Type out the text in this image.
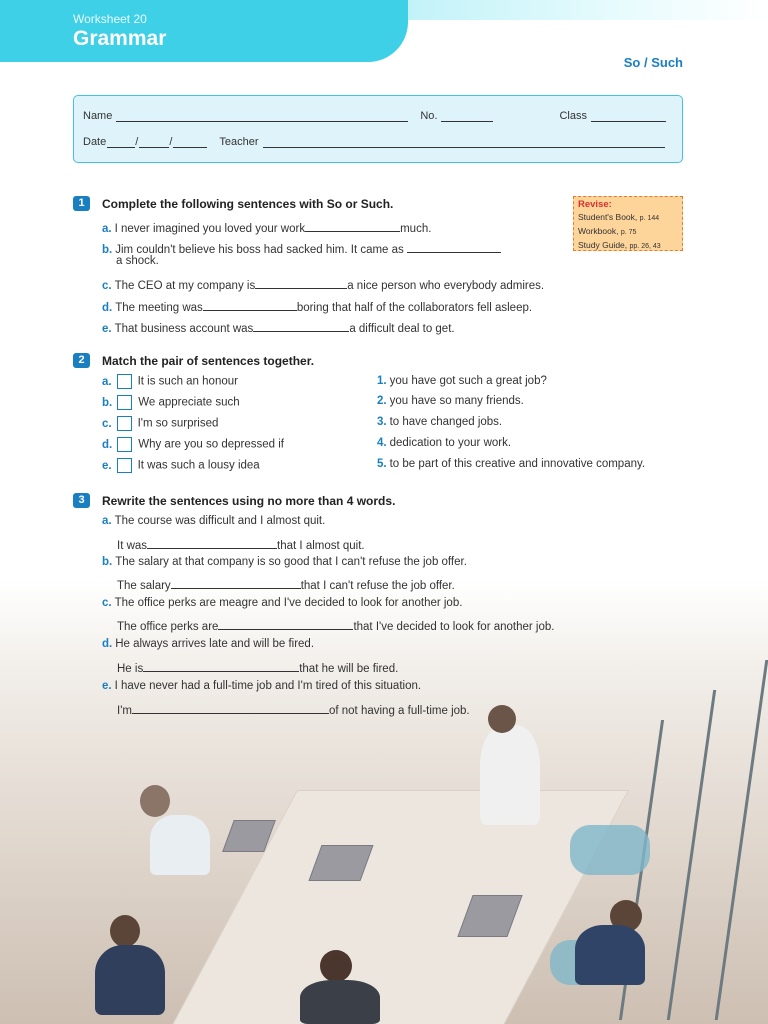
Worksheet 20
Grammar
So / Such
Name	No.	Class
Date	/	/	Teacher
Revise:
Student's Book, p. 144
Workbook, p. 75
Study Guide, pp. 26, 43
1	Complete the following sentences with So or Such.
a. I never imagined you loved your work	much.
b. Jim couldn't believe his boss had sacked him. It came as
a shock.
c. The CEO at my company is	a nice person who everybody admires.
d. The meeting was	boring that half of the collaborators fell asleep.
e. That business account was	a difficult deal to get.
2	Match the pair of sentences together.
a. It is such an honour
b. We appreciate such
c. I'm so surprised
d. Why are you so depressed if
e. It was such a lousy idea
1. you have got such a great job?
2. you have so many friends.
3. to have changed jobs.
4. dedication to your work.
5. to be part of this creative and innovative company.
3	Rewrite the sentences using no more than 4 words.
a. The course was difficult and I almost quit.
It was	that I almost quit.
b. The salary at that company is so good that I can't refuse the job offer.
The salary	that I can't refuse the job offer.
c. The office perks are meagre and I've decided to look for another job.
The office perks are	that I've decided to look for another job.
d. He always arrives late and will be fired.
He is	that he will be fired.
e. I have never had a full-time job and I'm tired of this situation.
I'm	of not having a full-time job.
